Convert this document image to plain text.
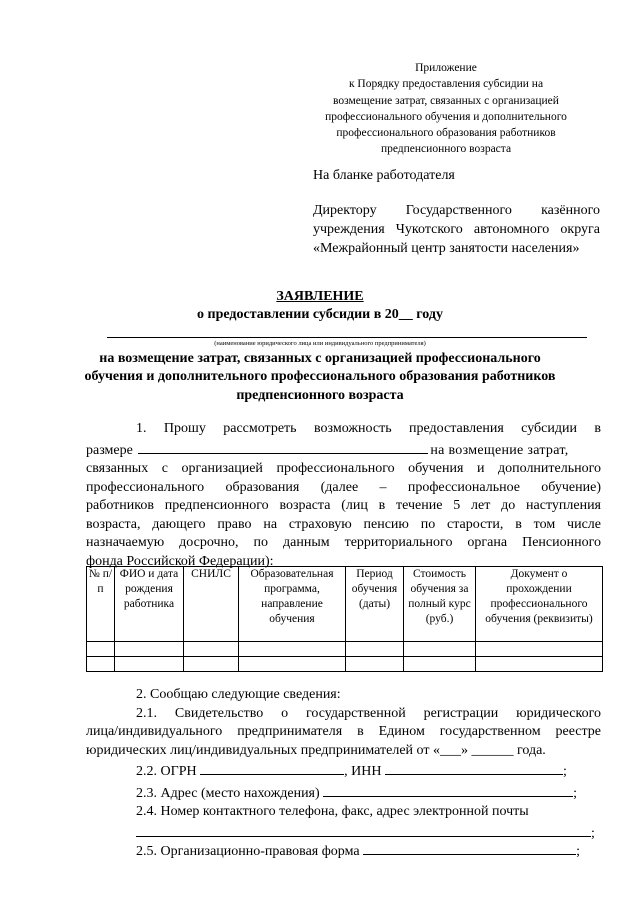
Приложение
к Порядку предоставления субсидии на
возмещение затрат, связанных с организацией
профессионального обучения и дополнительного
профессионального образования работников
предпенсионного возраста
На бланке работодателя
Директору Государственного казённого
учреждения Чукотского автономного округа
«Межрайонный центр занятости населения»
ЗАЯВЛЕНИЕ
о предоставлении субсидии в 20__ году
(наименование юридического лица или индивидуального предпринимателя)
на возмещение затрат, связанных с организацией профессионального
обучения и дополнительного профессионального образования работников
предпенсионного возраста
1. Прошу рассмотреть возможность предоставления субсидии в
размере	на возмещение затрат,
связанных с организацией профессионального обучения и дополнительного
профессионального образования (далее – профессиональное обучение)
работников предпенсионного возраста (лиц в течение 5 лет до наступления
возраста, дающего право на страховую пенсию по старости, в том числе
назначаемую досрочно, по данным территориального органа Пенсионного
фонда Российской Федерации):
№ п/п	ФИО и дата рождения работника	СНИЛС	Образовательная программа, направление обучения	Период обучения (даты)	Стоимость обучения за полный курс (руб.)	Документ о прохождении профессионального обучения (реквизиты)

2. Сообщаю следующие сведения:
2.1. Свидетельство о государственной регистрации юридического
лица/индивидуального предпринимателя в Едином государственном реестре
юридических лиц/индивидуальных предпринимателей от «___» ______ года.
2.2. ОГРН	, ИНН	;
2.3. Адрес (место нахождения)	;
2.4. Номер контактного телефона, факс, адрес электронной почты
;
2.5. Организационно-правовая форма	;
